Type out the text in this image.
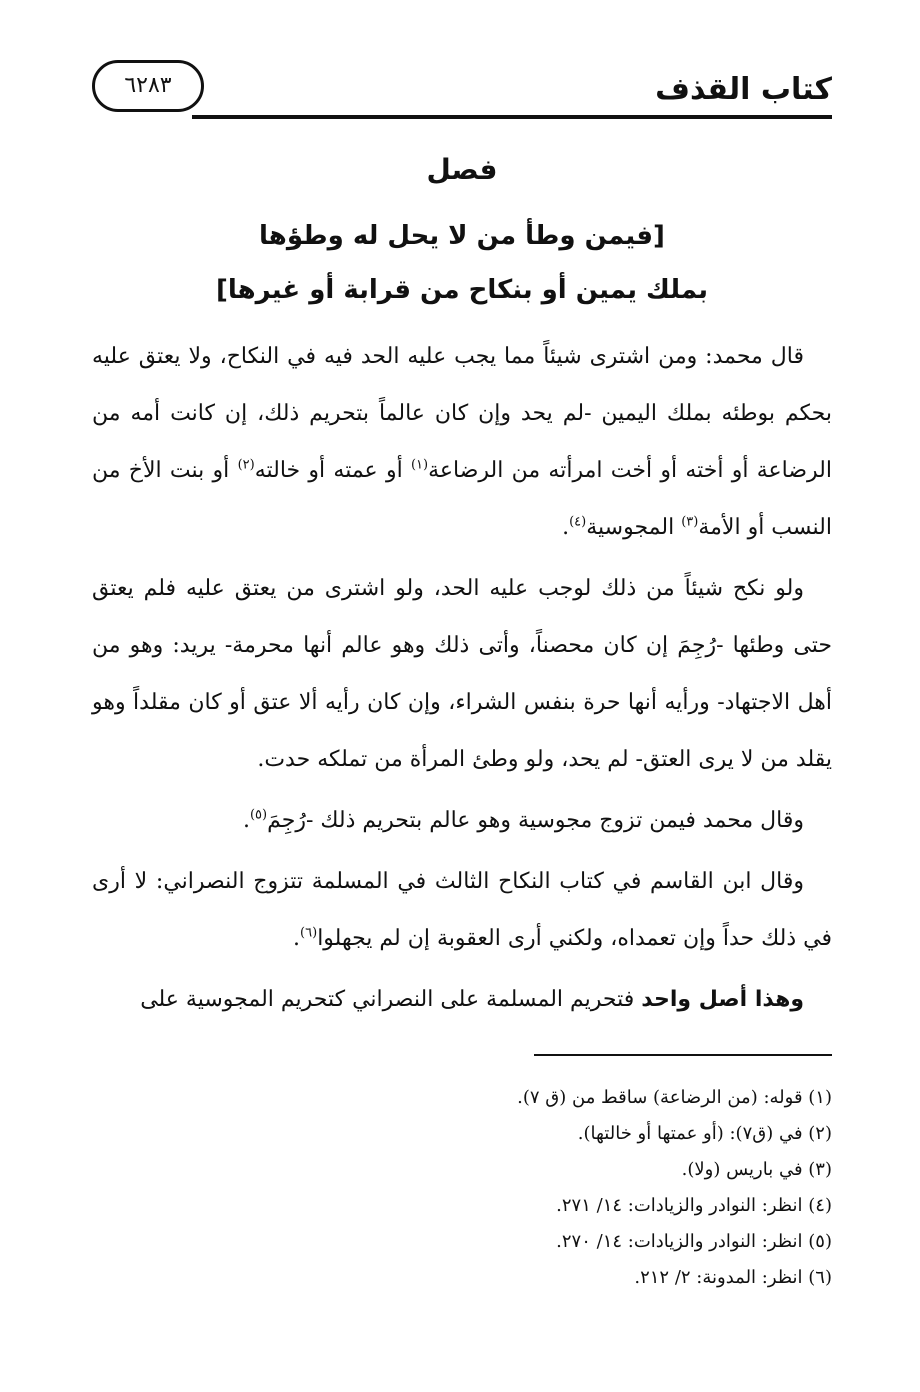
كتاب القذف
٦٢٨٣
فصل
[فيمن وطأ من لا يحل له وطؤها
بملك يمين أو بنكاح من قرابة أو غيرها]

قال محمد: ومن اشترى شيئاً مما يجب عليه الحد فيه في النكاح، ولا يعتق عليه بحكم بوطئه بملك اليمين -لم يحد وإن كان عالماً بتحريم ذلك، إن كانت أمه من الرضاعة أو أخته أو أخت امرأته من الرضاعة$^{(١)}$ أو عمته أو خالته$^{(٢)}$ أو بنت الأخ من النسب أو الأمة$^{(٣)}$ المجوسية$^{(٤)}$.

ولو نكح شيئاً من ذلك لوجب عليه الحد، ولو اشترى من يعتق عليه فلم يعتق حتى وطئها -رُجِمَ إن كان محصناً، وأتى ذلك وهو عالم أنها محرمة- يريد: وهو من أهل الاجتهاد- ورأيه أنها حرة بنفس الشراء، وإن كان رأيه ألا عتق أو كان مقلداً وهو يقلد من لا يرى العتق- لم يحد، ولو وطئ المرأة من تملكه حدت.

وقال محمد فيمن تزوج مجوسية وهو عالم بتحريم ذلك -رُجِمَ$^{(٥)}$.

وقال ابن القاسم في كتاب النكاح الثالث في المسلمة تتزوج النصراني: لا أرى في ذلك حداً وإن تعمداه، ولكني أرى العقوبة إن لم يجهلوا$^{(٦)}$.

وهذا أصل واحد فتحريم المسلمة على النصراني كتحريم المجوسية على

(١) قوله: (من الرضاعة) ساقط من (ق ٧).
(٢) في (ق٧): (أو عمتها أو خالتها).
(٣) في باريس (ولا).
(٤) انظر: النوادر والزيادات: ١٤/ ٢٧١.
(٥) انظر: النوادر والزيادات: ١٤/ ٢٧٠.
(٦) انظر: المدونة: ٢/ ٢١٢.
